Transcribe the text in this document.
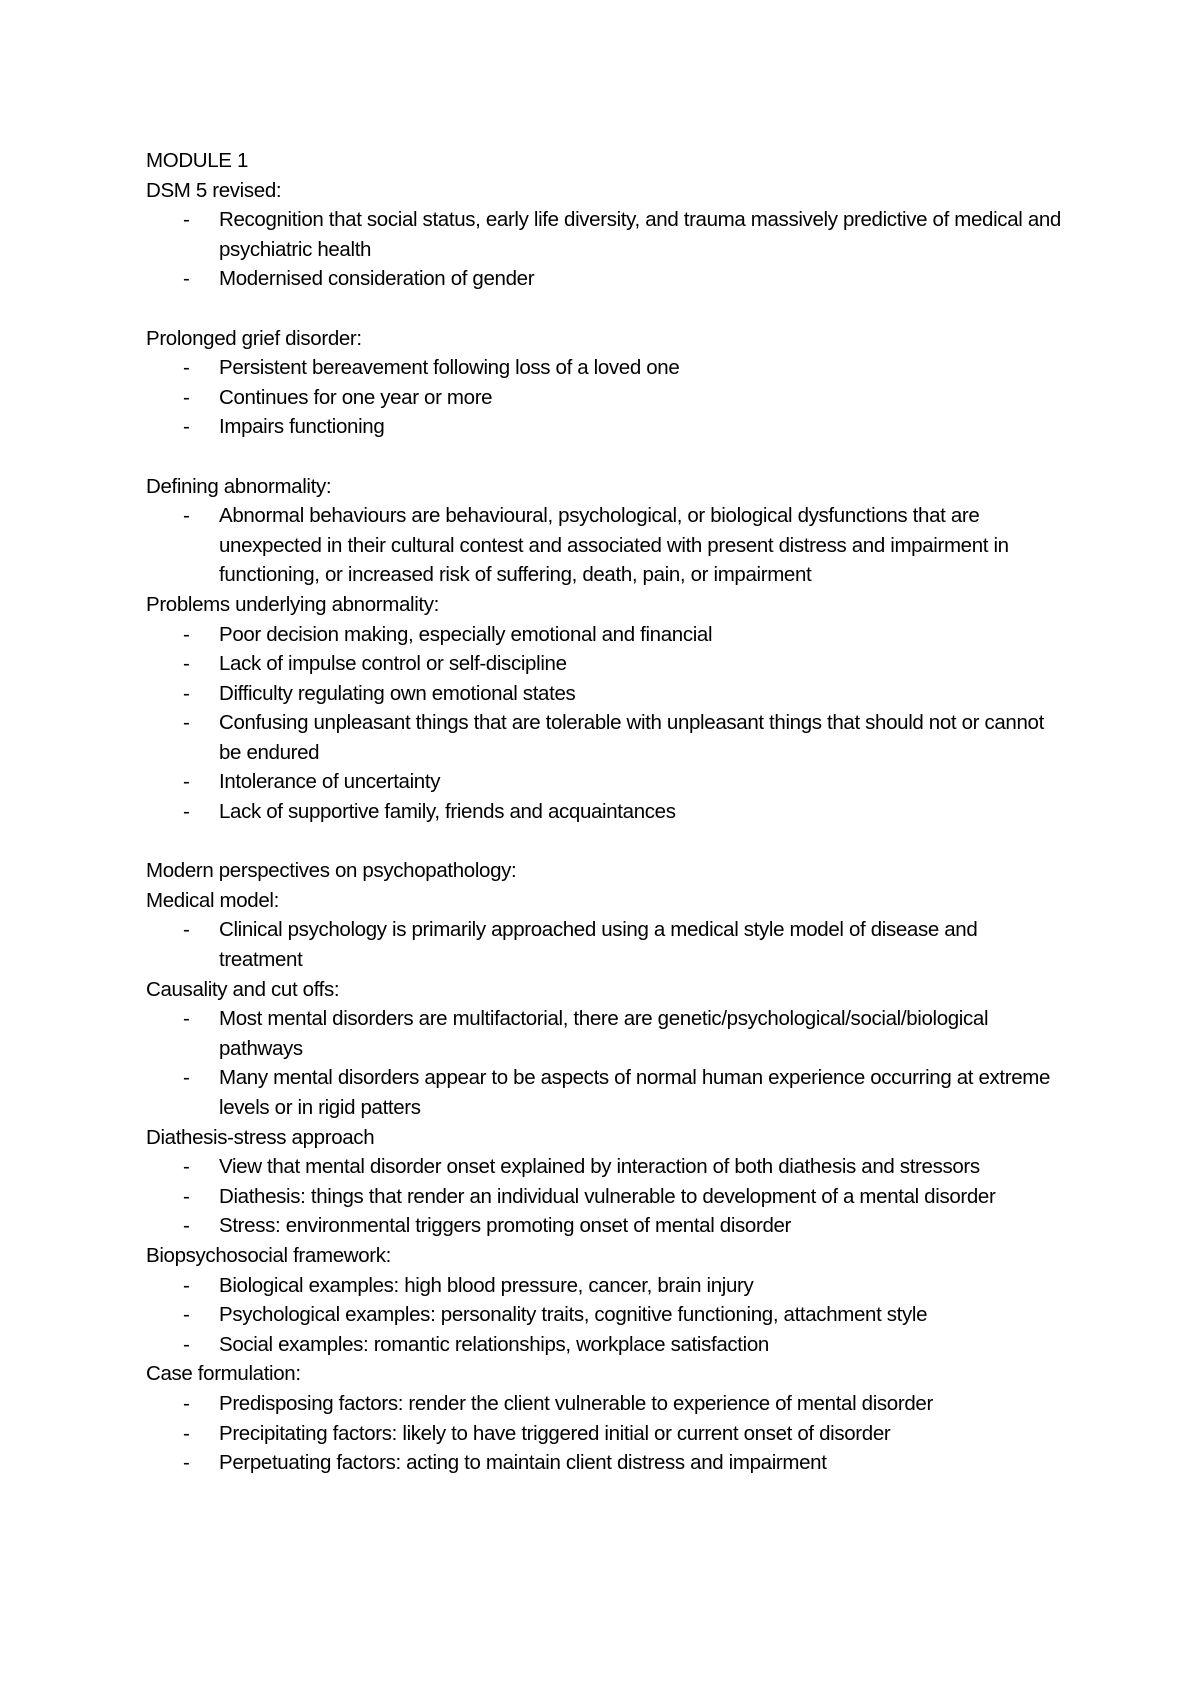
MODULE 1
DSM 5 revised:
- Recognition that social status, early life diversity, and trauma massively predictive of medical and psychiatric health
- Modernised consideration of gender
Prolonged grief disorder:
- Persistent bereavement following loss of a loved one
- Continues for one year or more
- Impairs functioning
Defining abnormality:
- Abnormal behaviours are behavioural, psychological, or biological dysfunctions that are unexpected in their cultural contest and associated with present distress and impairment in functioning, or increased risk of suffering, death, pain, or impairment
Problems underlying abnormality:
- Poor decision making, especially emotional and financial
- Lack of impulse control or self-discipline
- Difficulty regulating own emotional states
- Confusing unpleasant things that are tolerable with unpleasant things that should not or cannot be endured
- Intolerance of uncertainty
- Lack of supportive family, friends and acquaintances
Modern perspectives on psychopathology:
Medical model:
- Clinical psychology is primarily approached using a medical style model of disease and treatment
Causality and cut offs:
- Most mental disorders are multifactorial, there are genetic/psychological/social/biological pathways
- Many mental disorders appear to be aspects of normal human experience occurring at extreme levels or in rigid patters
Diathesis-stress approach
- View that mental disorder onset explained by interaction of both diathesis and stressors
- Diathesis: things that render an individual vulnerable to development of a mental disorder
- Stress: environmental triggers promoting onset of mental disorder
Biopsychosocial framework:
- Biological examples: high blood pressure, cancer, brain injury
- Psychological examples: personality traits, cognitive functioning, attachment style
- Social examples: romantic relationships, workplace satisfaction
Case formulation:
- Predisposing factors: render the client vulnerable to experience of mental disorder
- Precipitating factors: likely to have triggered initial or current onset of disorder
- Perpetuating factors: acting to maintain client distress and impairment
